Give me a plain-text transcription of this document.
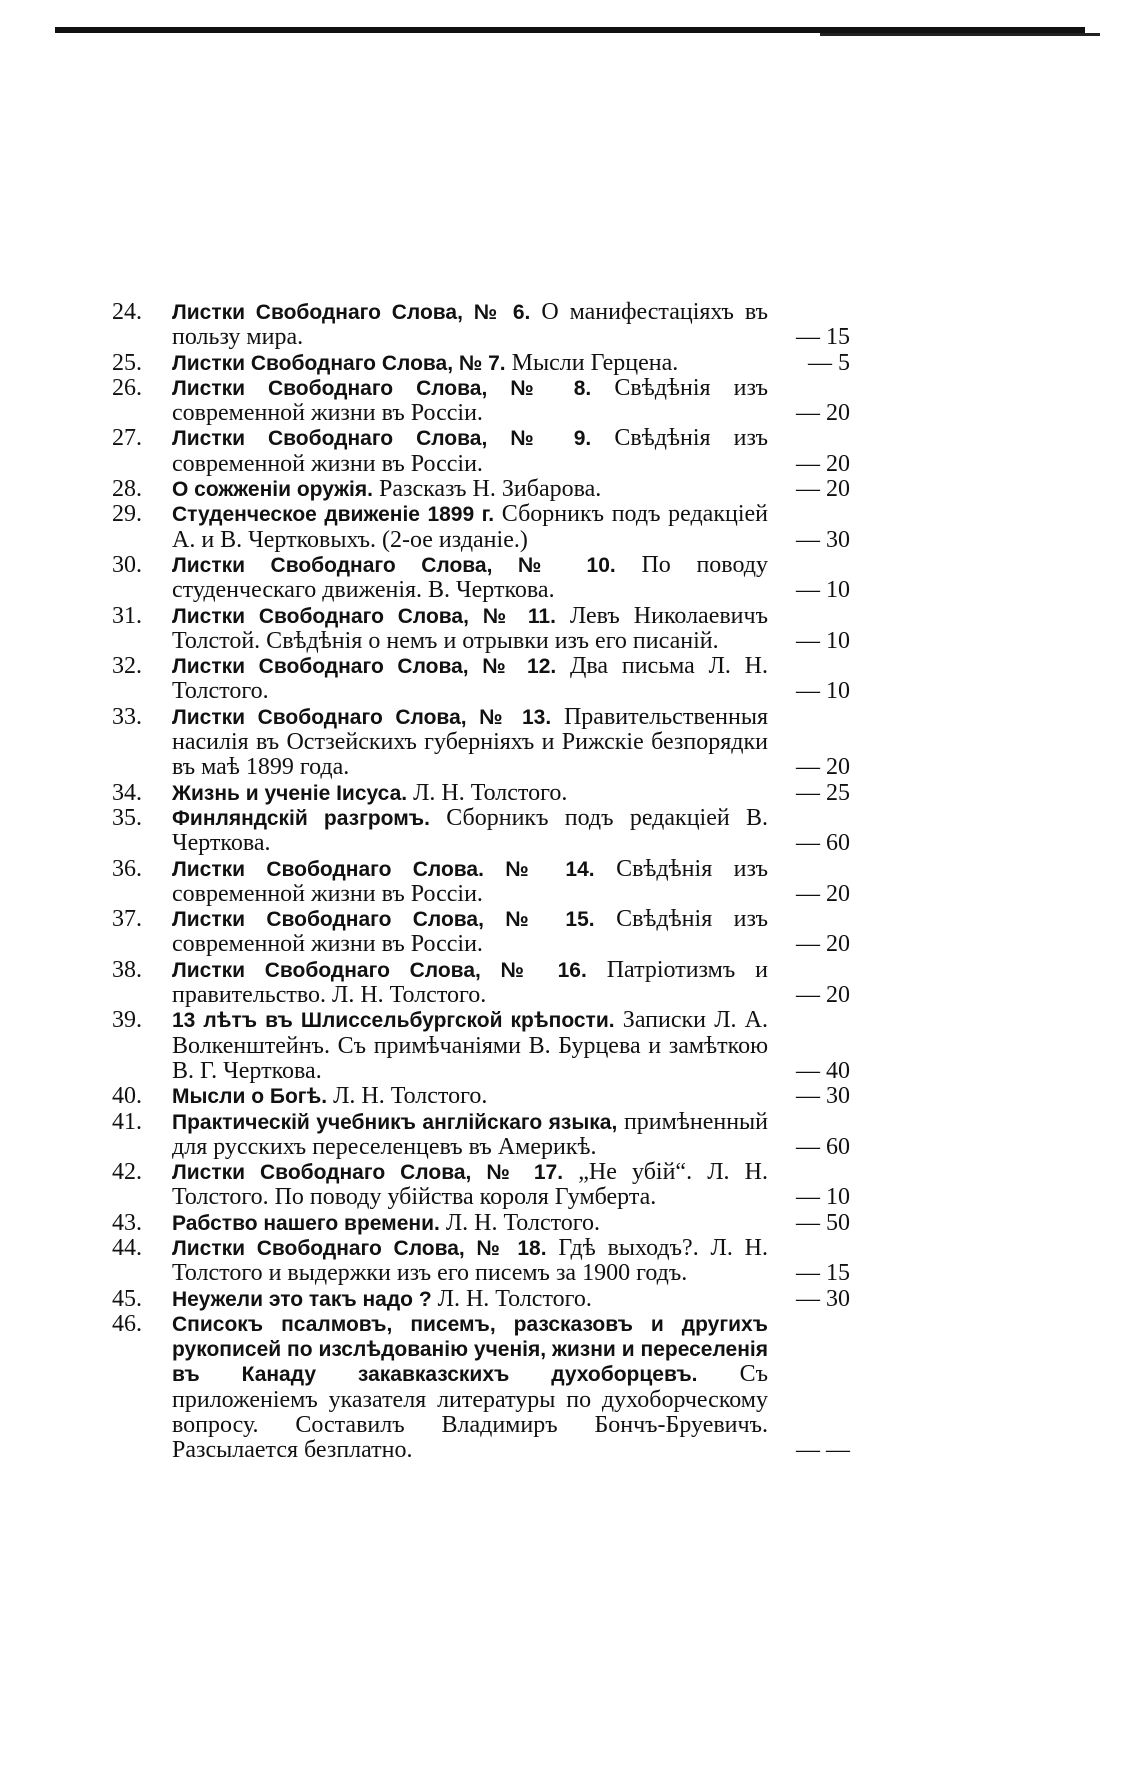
24.	Листки Свободнаго Слова, № 6. О манифестаціяхъ въ пользу мира.	— 15
25.	Листки Свободнаго Слова, № 7. Мысли Герцена.	— 5
26.	Листки Свободнаго Слова, № 8. Свѣдѣнія изъ современной жизни въ Россіи.	— 20
27.	Листки Свободнаго Слова, № 9. Свѣдѣнія изъ современной жизни въ Россіи.	— 20
28.	О сожженіи оружія. Разсказъ Н. Зибарова.	— 20
29.	Студенческое движеніе 1899 г. Сборникъ подъ редакціей А. и В. Чертковыхъ. (2-ое изданіе.)	— 30
30.	Листки Свободнаго Слова, № 10. По поводу студенческаго движенія. В. Черткова.	— 10
31.	Листки Свободнаго Слова, № 11. Левъ Николаевичъ Толстой. Свѣдѣнія о немъ и отрывки изъ его писаній.	— 10
32.	Листки Свободнаго Слова, № 12. Два письма Л. Н. Толстого.	— 10
33.	Листки Свободнаго Слова, № 13. Правительственныя насилія въ Остзейскихъ губерніяхъ и Рижскіе безпорядки въ маѣ 1899 года.	— 20
34.	Жизнь и ученіе Іисуса. Л. Н. Толстого.	— 25
35.	Финляндскій разгромъ. Сборникъ подъ редакціей В. Черткова.	— 60
36.	Листки Свободнаго Слова. № 14. Свѣдѣнія изъ современной жизни въ Россіи.	— 20
37.	Листки Свободнаго Слова, № 15. Свѣдѣнія изъ современной жизни въ Россіи.	— 20
38.	Листки Свободнаго Слова, № 16. Патріотизмъ и правительство. Л. Н. Толстого.	— 20
39.	13 лѣтъ въ Шлиссельбургской крѣпости. Записки Л. А. Волкенштейнъ. Съ примѣчаніями В. Бурцева и замѣткою В. Г. Черткова.	— 40
40.	Мысли о Богѣ. Л. Н. Толстого.	— 30
41.	Практическій учебникъ англійскаго языка, примѣненный для русскихъ переселенцевъ въ Америкѣ.	— 60
42.	Листки Свободнаго Слова, № 17. „Не убій“. Л. Н. Толстого. По поводу убійства короля Гумберта.	— 10
43.	Рабство нашего времени. Л. Н. Толстого.	— 50
44.	Листки Свободнаго Слова, № 18. Гдѣ выходъ?. Л. Н. Толстого и выдержки изъ его писемъ за 1900 годъ.	— 15
45.	Неужели это такъ надо ? Л. Н. Толстого.	— 30
46.	Списокъ псалмовъ, писемъ, разсказовъ и другихъ рукописей по изслѣдованію ученія, жизни и переселенія въ Канаду закавказскихъ духоборцевъ. Съ приложеніемъ указателя литературы по духоборческому вопросу. Составилъ Владимиръ Бончъ-Бруевичъ. Разсылается безплатно.	— —
